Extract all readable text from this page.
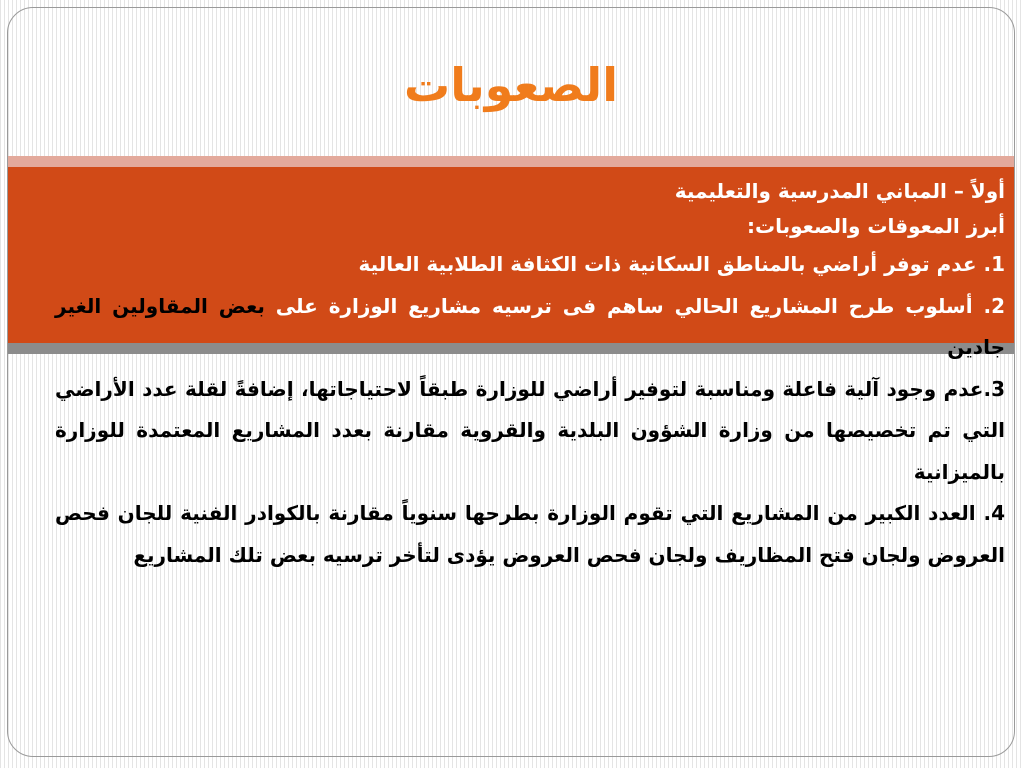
الصعوبات

أولاً – المباني المدرسية والتعليمية

أبرز المعوقات والصعوبات:

1. عدم توفر أراضي بالمناطق السكانية ذات الكثافة الطلابية العالية

2. أسلوب طرح المشاريع الحالي ساهم فى ترسيه مشاريع الوزارة على بعض المقاولين الغير جادين

3.عدم وجود آلية فاعلة ومناسبة لتوفير أراضي للوزارة طبقاً لاحتياجاتها، إضافةً لقلة عدد الأراضي التي تم تخصيصها من وزارة الشؤون البلدية والقروية مقارنة بعدد المشاريع المعتمدة للوزارة بالميزانية

4. العدد الكبير من المشاريع التي تقوم الوزارة بطرحها سنوياً مقارنة بالكوادر الفنية للجان فحص العروض ولجان فتح المظاريف ولجان فحص العروض يؤدى لتأخر ترسيه بعض تلك المشاريع
